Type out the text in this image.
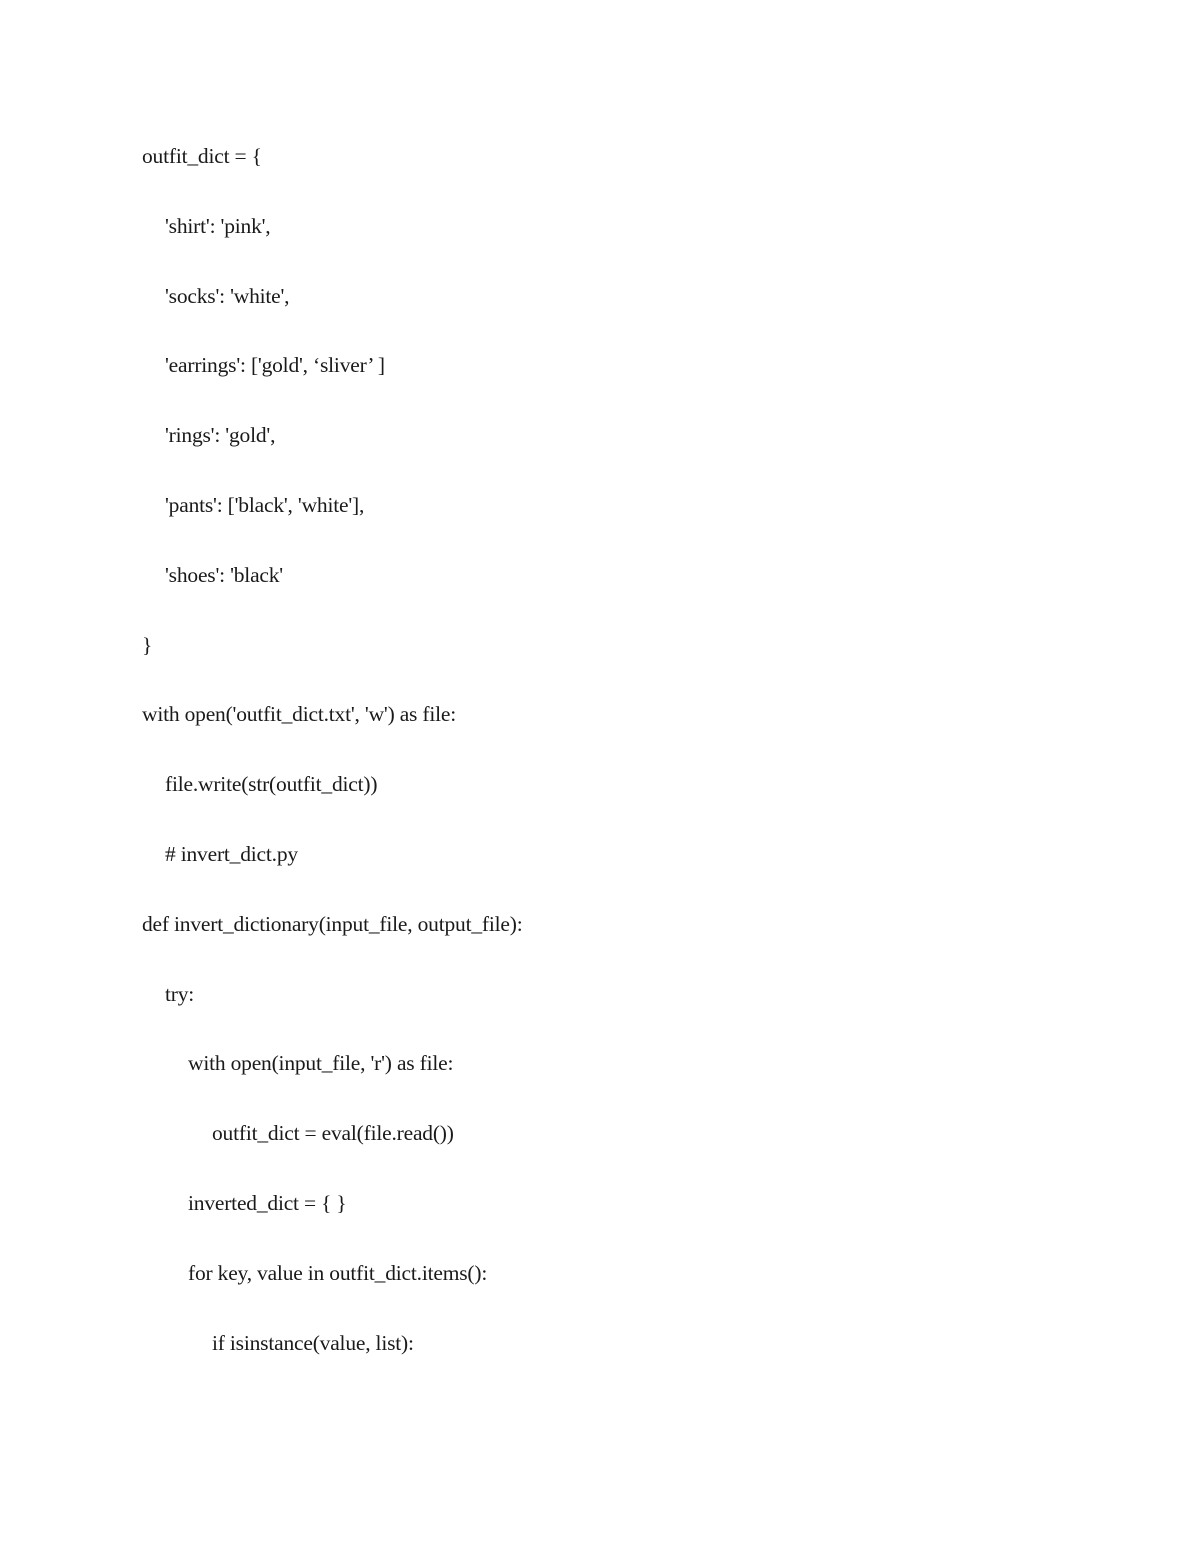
outfit_dict = {
'shirt': 'pink',
'socks': 'white',
'earrings': ['gold', ‘sliver’ ]
'rings': 'gold',
'pants': ['black', 'white'],
'shoes': 'black'
}
with open('outfit_dict.txt', 'w') as file:
file.write(str(outfit_dict))
# invert_dict.py
def invert_dictionary(input_file, output_file):
try:
with open(input_file, 'r') as file:
outfit_dict = eval(file.read())
inverted_dict = { }
for key, value in outfit_dict.items():
if isinstance(value, list):
